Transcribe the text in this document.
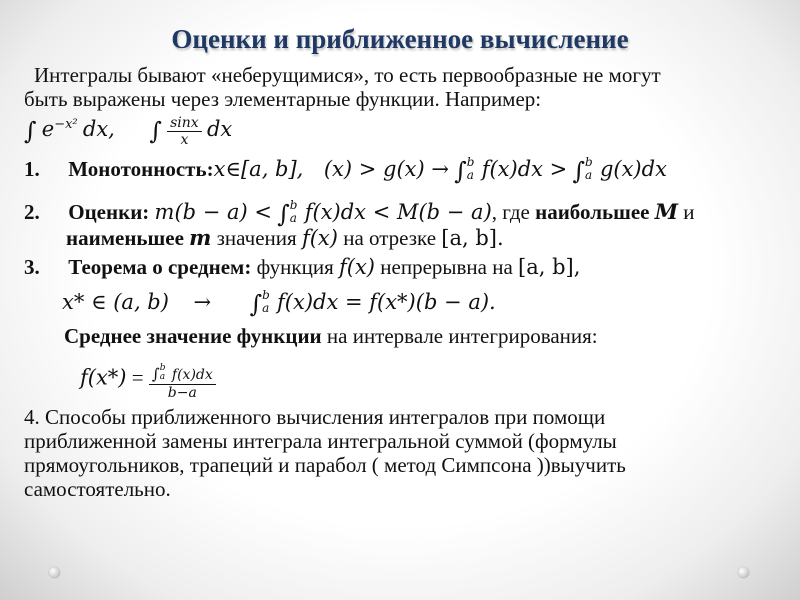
Оценки и приближенное вычисление
Интегралы бывают «неберущимися», то есть первообразные не могут
быть выражены через элементарные функции. Например:
∫ $e^{-x^2}$ dx, ∫ $\frac{\sin x}{x}$ dx
1. Монотонность:x∈[a, b], (x) > g(x) → ∫ b
a f(x)dx > ∫ b
a g(x)dx
2. Оценки: m(b − a) < ∫ b
a f(x)dx < M(b − a), где наибольшее M и
наименьшее m значения f(x) на отрезке [a, b].
3. Теорема о среднем: функция f(x) непрерывна на [a, b],
x* ∈ (a, b) → ∫ b
a f(x)dx = f(x*)(b − a).
Среднее значение функции на интервале интегрирования:
f(x*) = ∫ b
a f(x)dx
b−a
4. Способы приближенного вычисления интегралов при помощи
приближенной замены интеграла интегральной суммой (формулы
прямоугольников, трапеций и парабол ( метод Симпсона ))выучить
самостоятельно.
